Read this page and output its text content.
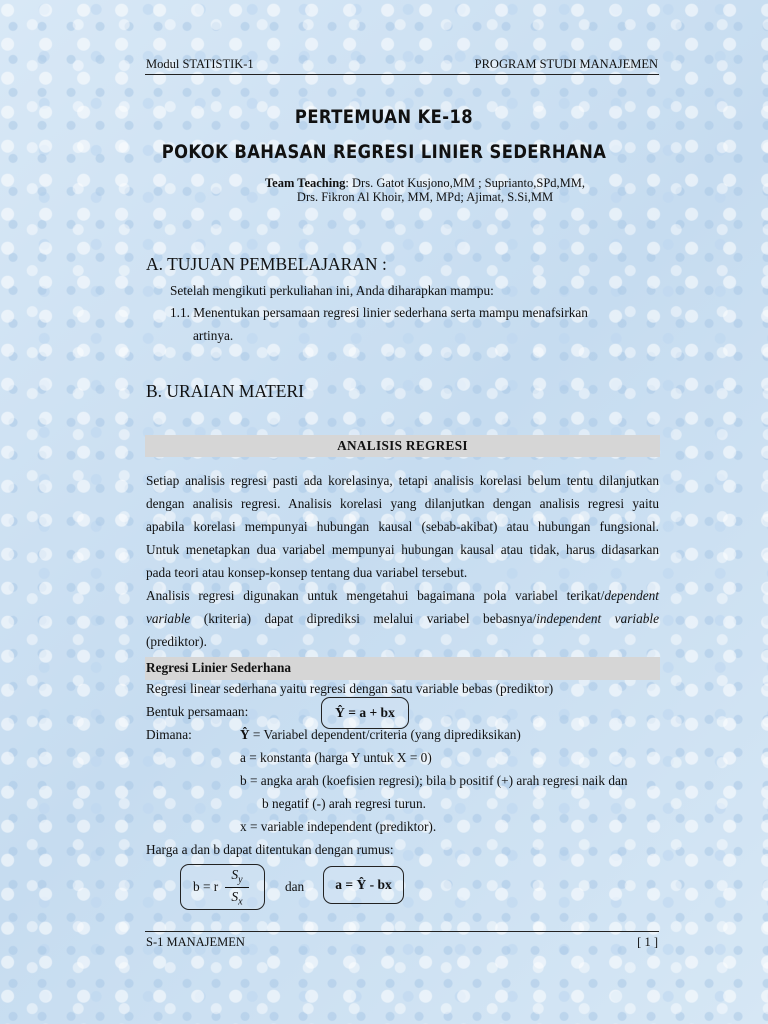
Modul STATISTIK-1	PROGRAM STUDI MANAJEMEN
PERTEMUAN KE-18
POKOK BAHASAN REGRESI LINIER SEDERHANA
Team Teaching: Drs. Gatot Kusjono,MM ; Suprianto,SPd,MM,
Drs. Fikron Al Khoir, MM, MPd; Ajimat, S.Si,MM
A. TUJUAN PEMBELAJARAN :
Setelah mengikuti perkuliahan ini, Anda diharapkan mampu:
1.1. Menentukan persamaan regresi linier sederhana serta mampu menafsirkan
artinya.
B. URAIAN MATERI
ANALISIS REGRESI
Setiap analisis regresi pasti ada korelasinya, tetapi analisis korelasi belum tentu dilanjutkan
dengan analisis regresi. Analisis korelasi yang dilanjutkan dengan analisis regresi yaitu
apabila korelasi mempunyai hubungan kausal (sebab-akibat) atau hubungan fungsional.
Untuk menetapkan dua variabel mempunyai hubungan kausal atau tidak, harus didasarkan
pada teori atau konsep-konsep tentang dua variabel tersebut.
Analisis regresi digunakan untuk mengetahui bagaimana pola variabel terikat/dependent
variable (kriteria) dapat diprediksi melalui variabel bebasnya/independent variable
(prediktor).
Regresi Linier Sederhana
Regresi linear sederhana yaitu regresi dengan satu variable bebas (prediktor)
Bentuk persamaan:	Ŷ = a + bx
Dimana:	Ŷ = Variabel dependent/criteria (yang diprediksikan)
a = konstanta (harga Y untuk X = 0)
b = angka arah (koefisien regresi); bila b positif (+) arah regresi naik dan
b negatif (-) arah regresi turun.
x = variable independent (prediktor).
Harga a dan b dapat ditentukan dengan rumus:
b = r
$S_y$
$S_x$
dan	a = Ŷ - bx
S-1 MANAJEMEN	[ 1 ]
